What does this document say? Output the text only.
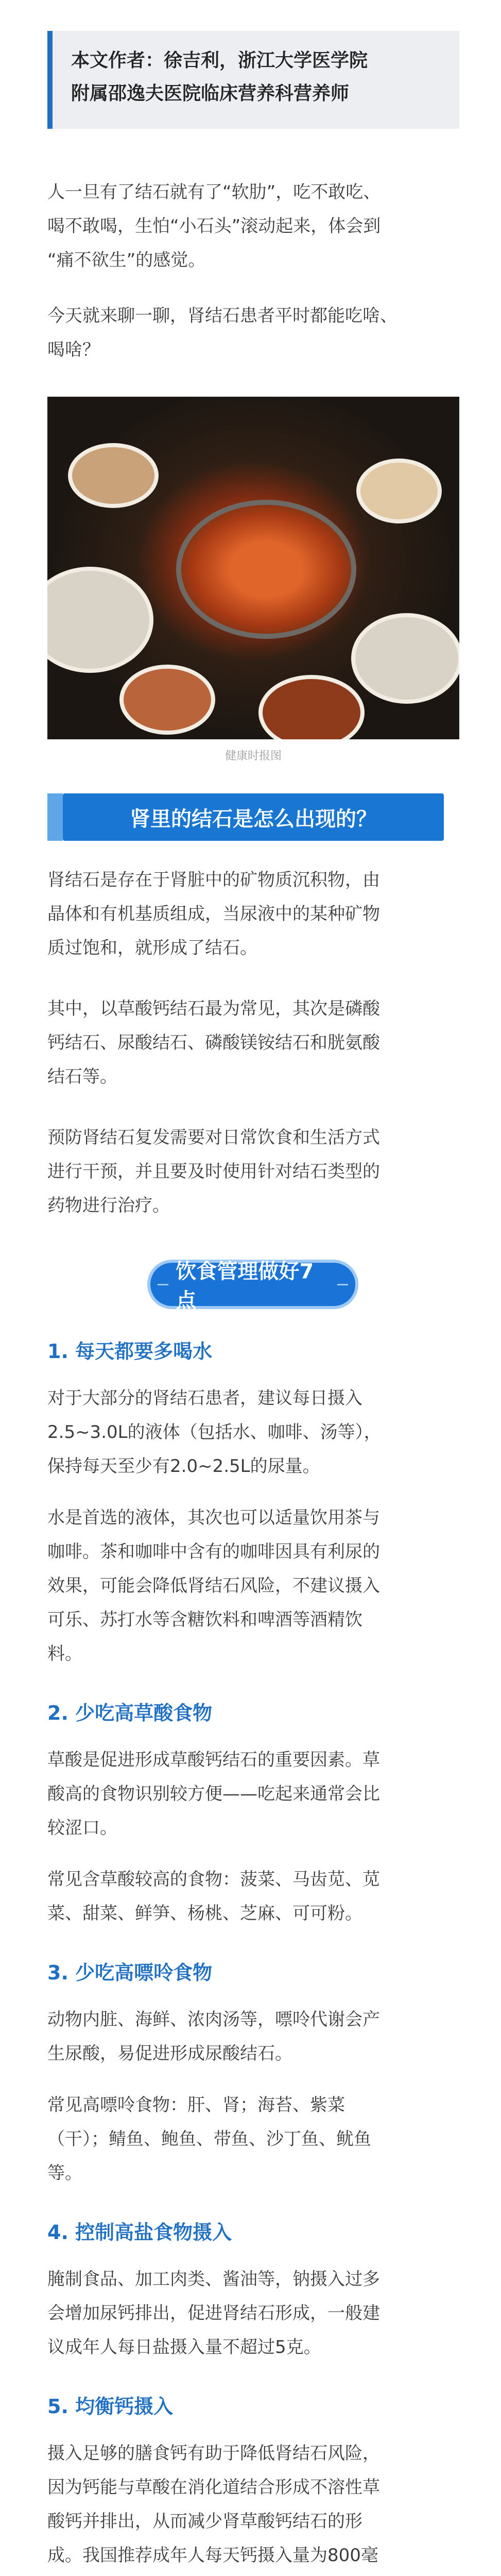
本文作者：徐吉利，浙江大学医学院
附属邵逸夫医院临床营养科营养师
人一旦有了结石就有了“软肋”，吃不敢吃、
喝不敢喝，生怕“小石头”滚动起来，体会到
“痛不欲生”的感觉。
今天就来聊一聊，肾结石患者平时都能吃啥、
喝啥？
健康时报图
肾里的结石是怎么出现的？
肾结石是存在于肾脏中的矿物质沉积物，由
晶体和有机基质组成，当尿液中的某种矿物
质过饱和，就形成了结石。
其中，以草酸钙结石最为常见，其次是磷酸
钙结石、尿酸结石、磷酸镁铵结石和胱氨酸
结石等。
预防肾结石复发需要对日常饮食和生活方式
进行干预，并且要及时使用针对结石类型的
药物进行治疗。
饮食管理做好7点
1. 每天都要多喝水
对于大部分的肾结石患者，建议每日摄入
2.5~3.0L的液体（包括水、咖啡、汤等），
保持每天至少有2.0~2.5L的尿量。
水是首选的液体，其次也可以适量饮用茶与
咖啡。茶和咖啡中含有的咖啡因具有利尿的
效果，可能会降低肾结石风险，不建议摄入
可乐、苏打水等含糖饮料和啤酒等酒精饮
料。
2. 少吃高草酸食物
草酸是促进形成草酸钙结石的重要因素。草
酸高的食物识别较方便——吃起来通常会比
较涩口。
常见含草酸较高的食物：菠菜、马齿苋、苋
菜、甜菜、鲜笋、杨桃、芝麻、可可粉。
3. 少吃高嘌呤食物
动物内脏、海鲜、浓肉汤等，嘌呤代谢会产
生尿酸，易促进形成尿酸结石。
常见高嘌呤食物：肝、肾；海苔、紫菜
（干）；鲭鱼、鲍鱼、带鱼、沙丁鱼、鱿鱼
等。
4. 控制高盐食物摄入
腌制食品、加工肉类、酱油等，钠摄入过多
会增加尿钙排出，促进肾结石形成，一般建
议成年人每日盐摄入量不超过5克。
5. 均衡钙摄入
摄入足够的膳食钙有助于降低肾结石风险，
因为钙能与草酸在消化道结合形成不溶性草
酸钙并排出，从而减少肾草酸钙结石的形
成。我国推荐成年人每天钙摄入量为800毫
